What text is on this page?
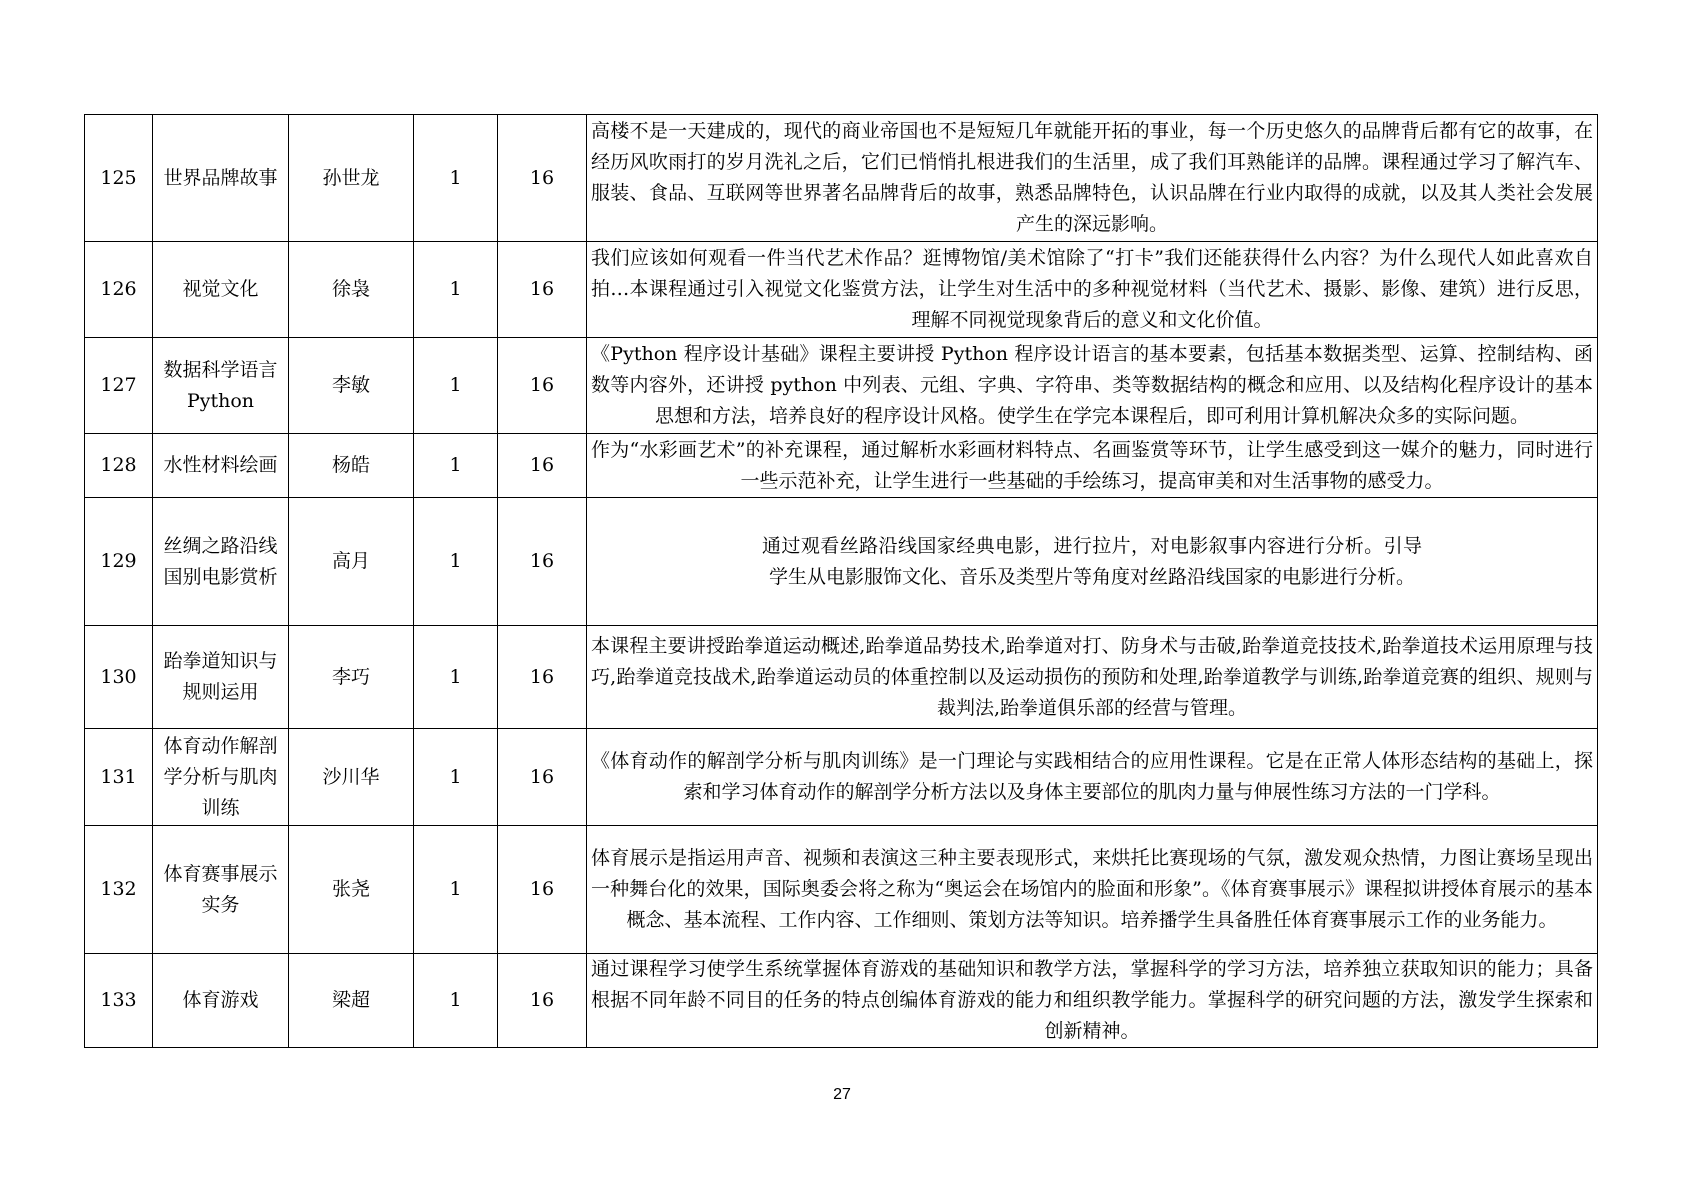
125	世界品牌故事	孙世龙	1	16	高楼不是一天建成的，现代的商业帝国也不是短短几年就能开拓的事业，每一个历史悠久的品牌背后都有它的故事，在经历风吹雨打的岁月洗礼之后，它们已悄悄扎根进我们的生活里，成了我们耳熟能详的品牌。课程通过学习了解汽车、服装、食品、互联网等世界著名品牌背后的故事，熟悉品牌特色，认识品牌在行业内取得的成就，以及其人类社会发展产生的深远影响。
126	视觉文化	徐袅	1	16	我们应该如何观看一件当代艺术作品？逛博物馆/美术馆除了“打卡”我们还能获得什么内容？为什么现代人如此喜欢自拍…本课程通过引入视觉文化鉴赏方法，让学生对生活中的多种视觉材料（当代艺术、摄影、影像、建筑）进行反思，理解不同视觉现象背后的意义和文化价值。
127	数据科学语言 Python	李敏	1	16	《Python 程序设计基础》课程主要讲授 Python 程序设计语言的基本要素，包括基本数据类型、运算、控制结构、函数等内容外，还讲授 python 中列表、元组、字典、字符串、类等数据结构的概念和应用、以及结构化程序设计的基本思想和方法，培养良好的程序设计风格。使学生在学完本课程后，即可利用计算机解决众多的实际问题。
128	水性材料绘画	杨皓	1	16	作为“水彩画艺术”的补充课程，通过解析水彩画材料特点、名画鉴赏等环节，让学生感受到这一媒介的魅力，同时进行一些示范补充，让学生进行一些基础的手绘练习，提高审美和对生活事物的感受力。
129	丝绸之路沿线国别电影赏析	高月	1	16	通过观看丝路沿线国家经典电影，进行拉片，对电影叙事内容进行分析。引导学生从电影服饰文化、音乐及类型片等角度对丝路沿线国家的电影进行分析。
130	跆拳道知识与规则运用	李巧	1	16	本课程主要讲授跆拳道运动概述,跆拳道品势技术,跆拳道对打、防身术与击破,跆拳道竞技技术,跆拳道技术运用原理与技巧,跆拳道竞技战术,跆拳道运动员的体重控制以及运动损伤的预防和处理,跆拳道教学与训练,跆拳道竞赛的组织、规则与裁判法,跆拳道俱乐部的经营与管理。
131	体育动作解剖学分析与肌肉训练	沙川华	1	16	《体育动作的解剖学分析与肌肉训练》是一门理论与实践相结合的应用性课程。它是在正常人体形态结构的基础上，探索和学习体育动作的解剖学分析方法以及身体主要部位的肌肉力量与伸展性练习方法的一门学科。
132	体育赛事展示实务	张尧	1	16	体育展示是指运用声音、视频和表演这三种主要表现形式，来烘托比赛现场的气氛，激发观众热情，力图让赛场呈现出一种舞台化的效果，国际奥委会将之称为“奥运会在场馆内的脸面和形象”。《体育赛事展示》课程拟讲授体育展示的基本概念、基本流程、工作内容、工作细则、策划方法等知识。培养播学生具备胜任体育赛事展示工作的业务能力。
133	体育游戏	梁超	1	16	通过课程学习使学生系统掌握体育游戏的基础知识和教学方法，掌握科学的学习方法，培养独立获取知识的能力；具备根据不同年龄不同目的任务的特点创编体育游戏的能力和组织教学能力。掌握科学的研究问题的方法，激发学生探索和创新精神。
27
